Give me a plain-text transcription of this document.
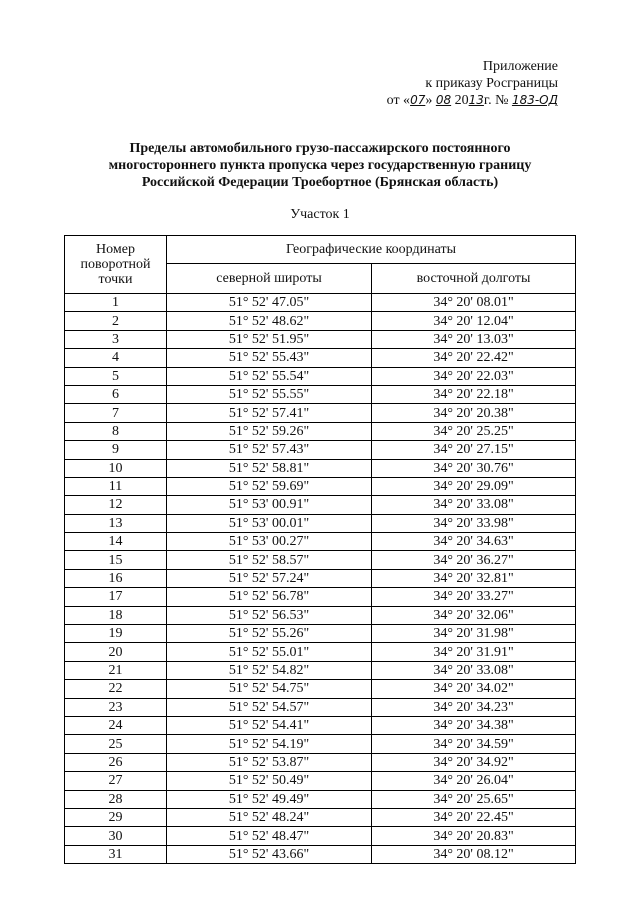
Приложение
к приказу Росграницы
от «07» 08 2013г. № 183-ОД
Пределы автомобильного грузо-пассажирского постоянного
многостороннего пункта пропуска через государственную границу
Российской Федерации Троебортное (Брянская область)
Участок 1
Номер поворотной точки	Географические координаты	
	северной широты	восточной долготы
1	51° 52' 47.05"	34° 20' 08.01"
2	51° 52' 48.62"	34° 20' 12.04"
3	51° 52' 51.95"	34° 20' 13.03"
4	51° 52' 55.43"	34° 20' 22.42"
5	51° 52' 55.54"	34° 20' 22.03"
6	51° 52' 55.55"	34° 20' 22.18"
7	51° 52' 57.41"	34° 20' 20.38"
8	51° 52' 59.26"	34° 20' 25.25"
9	51° 52' 57.43"	34° 20' 27.15"
10	51° 52' 58.81"	34° 20' 30.76"
11	51° 52' 59.69"	34° 20' 29.09"
12	51° 53' 00.91"	34° 20' 33.08"
13	51° 53' 00.01"	34° 20' 33.98"
14	51° 53' 00.27"	34° 20' 34.63"
15	51° 52' 58.57"	34° 20' 36.27"
16	51° 52' 57.24"	34° 20' 32.81"
17	51° 52' 56.78"	34° 20' 33.27"
18	51° 52' 56.53"	34° 20' 32.06"
19	51° 52' 55.26"	34° 20' 31.98"
20	51° 52' 55.01"	34° 20' 31.91"
21	51° 52' 54.82"	34° 20' 33.08"
22	51° 52' 54.75"	34° 20' 34.02"
23	51° 52' 54.57"	34° 20' 34.23"
24	51° 52' 54.41"	34° 20' 34.38"
25	51° 52' 54.19"	34° 20' 34.59"
26	51° 52' 53.87"	34° 20' 34.92"
27	51° 52' 50.49"	34° 20' 26.04"
28	51° 52' 49.49"	34° 20' 25.65"
29	51° 52' 48.24"	34° 20' 22.45"
30	51° 52' 48.47"	34° 20' 20.83"
31	51° 52' 43.66"	34° 20' 08.12"
